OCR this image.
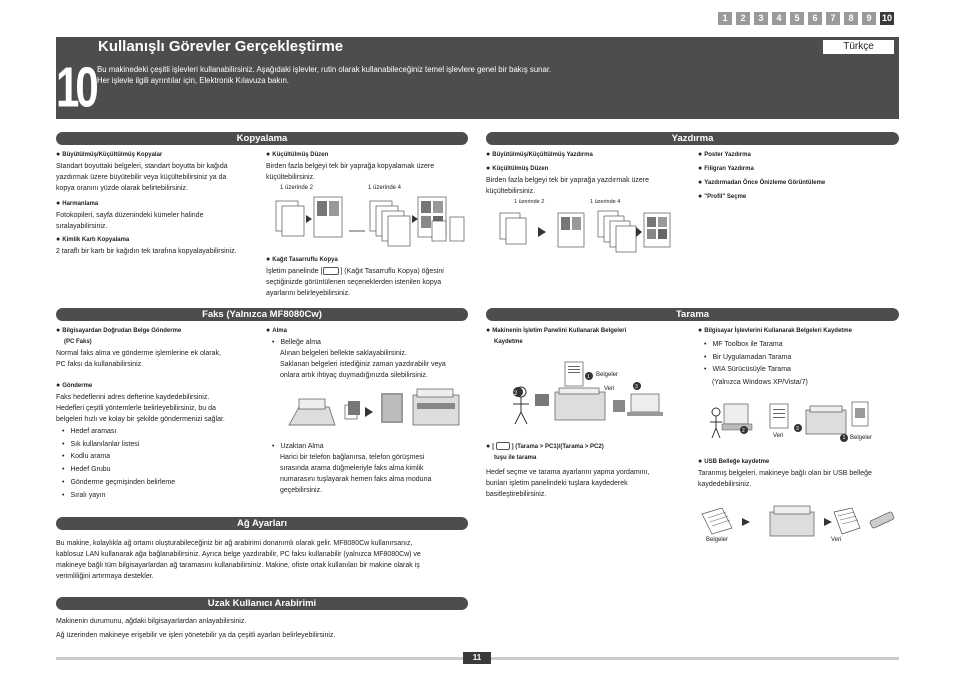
1	2	3	4	5	6	7	8	9	10
10
Kullanışlı Görevler Gerçekleştirme	Türkçe
Bu makinedeki çeşitli işlevleri kullanabilirsiniz. Aşağıdaki işlevler, rutin olarak kullanabileceğiniz temel işlevlere genel bir bakış sunar.
Her işlevle ilgili ayrıntılar için, Elektronik Kılavuza bakın.
Kopyalama
● Büyütülmüş/Küçültülmüş Kopyalar
Standart boyuttaki belgeleri, standart boyutta bir kağıda
yazdırmak üzere büyütebilir veya küçültebilirsiniz ya da
kopya oranını yüzde olarak belirtebilirsiniz.
● Harmanlama
Fotokopileri, sayfa düzenindeki kümeler halinde
sıralayabilirsiniz.
● Kimlik Kartı Kopyalama
2 taraflı bir kartı bir kağıdın tek tarafına kopyalayabilirsiniz.
● Küçültülmüş Düzen
Birden fazla belgeyi tek bir yaprağa kopyalamak üzere
küçültebilirsiniz.
1 üzerinde 2	1 üzerinde 4
● Kağıt Tasarruflu Kopya
İşletim panelinde [	] (Kağıt Tasarruflu Kopya) öğesini
seçtiğinizde görüntülenen seçeneklerden istenilen kopya
ayarlarını belirleyebilirsiniz.
Yazdırma
● Büyütülmüş/Küçültülmüş Yazdırma
● Küçültülmüş Düzen
Birden fazla belgeyi tek bir yaprağa yazdırmak üzere
küçültebilirsiniz.
1 üzerinde 2	1 üzerinde 4
● Poster Yazdırma
● Filigran Yazdırma
● Yazdırmadan Önce Önizleme Görüntüleme
● "Profil" Seçme
Faks (Yalnızca MF8080Cw)
● Bilgisayardan Doğrudan Belge Gönderme
(PC Faks)
Normal faks alma ve gönderme işlemlerine ek olarak,
PC faksı da kullanabilirsiniz.
● Gönderme
Faks hedeflerini adres defterine kaydedebilirsiniz.
Hedefleri çeşitli yöntemlerle belirleyebilirsiniz, bu da
belgeleri hızlı ve kolay bir şekilde göndermenizi sağlar.
• Hedef araması
• Sık kullanılanlar listesi
• Kodlu arama
• Hedef Grubu
• Gönderme geçmişinden belirleme
• Sıralı yayın
● Alma
• Belleğe alma
Alınan belgeleri bellekte saklayabilirsiniz.
Saklanan belgeleri istediğiniz zaman yazdırabilir veya
onlara artık ihtiyaç duymadığınızda silebilirsiniz.
• Uzaktan Alma
Harici bir telefon bağlanırsa, telefon görüşmesi
sırasında arama düğmeleriyle faks alma kimlik
numarasını tuşlayarak hemen faks alma moduna
geçebilirsiniz.
Tarama
● Makinenin İşletim Panelini Kullanarak Belgeleri
Kaydetme
2
1
3
Belgeler
Veri
● [	] (Tarama > PC1)/(Tarama > PC2)
tuşu ile tarama
Hedef seçme ve tarama ayarlarını yapma yordamını,
bunları işletim panelindeki tuşlara kaydederek
basitleştirebilirsiniz.
● Bilgisayar İşlevlerini Kullanarak Belgeleri Kaydetme
• MF Toolbox ile Tarama
• Bir Uygulamadan Tarama
• WIA Sürücüsüyle Tarama
(Yalnızca Windows XP/Vista/7)
2	3
Veri	1 Belgeler
● USB Belleğe kaydetme
Taranmış belgeleri, makineye bağlı olan bir USB belleğe
kaydedebilirsiniz.
Belgeler	Veri
Ağ Ayarları
Bu makine, kolaylıkla ağ ortamı oluşturabileceğiniz bir ağ arabirimi donanımlı olarak gelir. MF8080Cw kullanırsanız,
kablosuz LAN kullanarak ağa bağlanabilirsiniz. Ayrıca belge yazdırabilir, PC faksı kullanabilir (yalnızca MF8080Cw) ve
makineye bağlı tüm bilgisayarlardan ağ taramasını kullanabilirsiniz. Makine, ofiste ortak kullanılan bir makine olarak iş
verimliliğini artırmaya destekler.
Uzak Kullanıcı Arabirimi
Makinenin durumunu, ağdaki bilgisayarlardan anlayabilirsiniz.
Ağ üzerinden makineye erişebilir ve işleri yönetebilir ya da çeşitli ayarları belirleyebilirsiniz.
11
